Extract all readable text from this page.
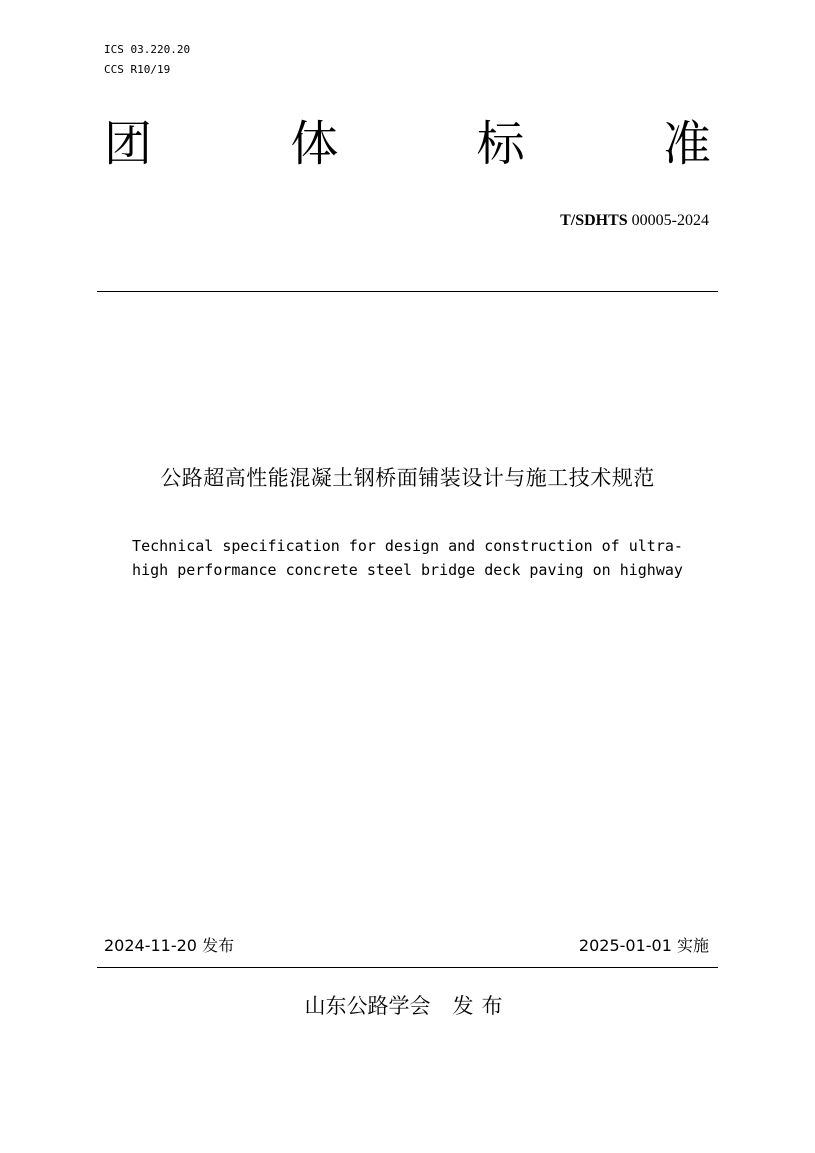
ICS 03.220.20
CCS R10/19
团	体	标	准
T/SDHTS 00005-2024
公路超高性能混凝土钢桥面铺装设计与施工技术规范
Technical specification for design and construction of ultra-
high performance concrete steel bridge deck paving on highway
2024-11-20 发布	2025-01-01 实施
山东公路学会 发布
